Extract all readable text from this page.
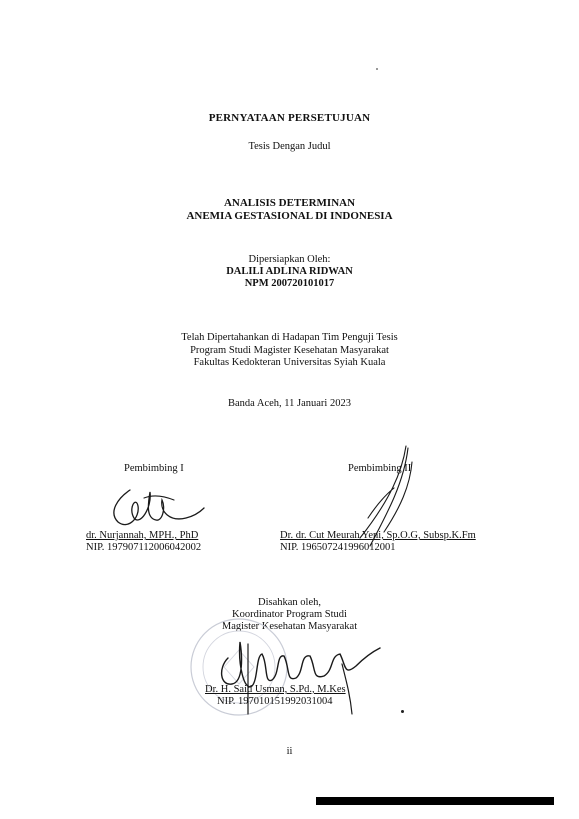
PERNYATAAN PERSETUJUAN
Tesis Dengan Judul
ANALISIS DETERMINAN
ANEMIA GESTASIONAL DI INDONESIA
Dipersiapkan Oleh:
DALILI ADLINA RIDWAN
NPM 200720101017
Telah Dipertahankan di Hadapan Tim Penguji Tesis
Program Studi Magister Kesehatan Masyarakat
Fakultas Kedokteran Universitas Syiah Kuala
Banda Aceh, 11 Januari 2023
Pembimbing I
dr. Nurjannah, MPH., PhD
NIP. 197907112006042002
Pembimbing II
Dr. dr. Cut Meurah Yeni, Sp.O.G, Subsp.K.Fm
NIP. 196507241996012001
Disahkan oleh,
Koordinator Program Studi
Magister Kesehatan Masyarakat
Dr. H. Said Usman, S.Pd., M.Kes
NIP. 197010151992031004
ii
